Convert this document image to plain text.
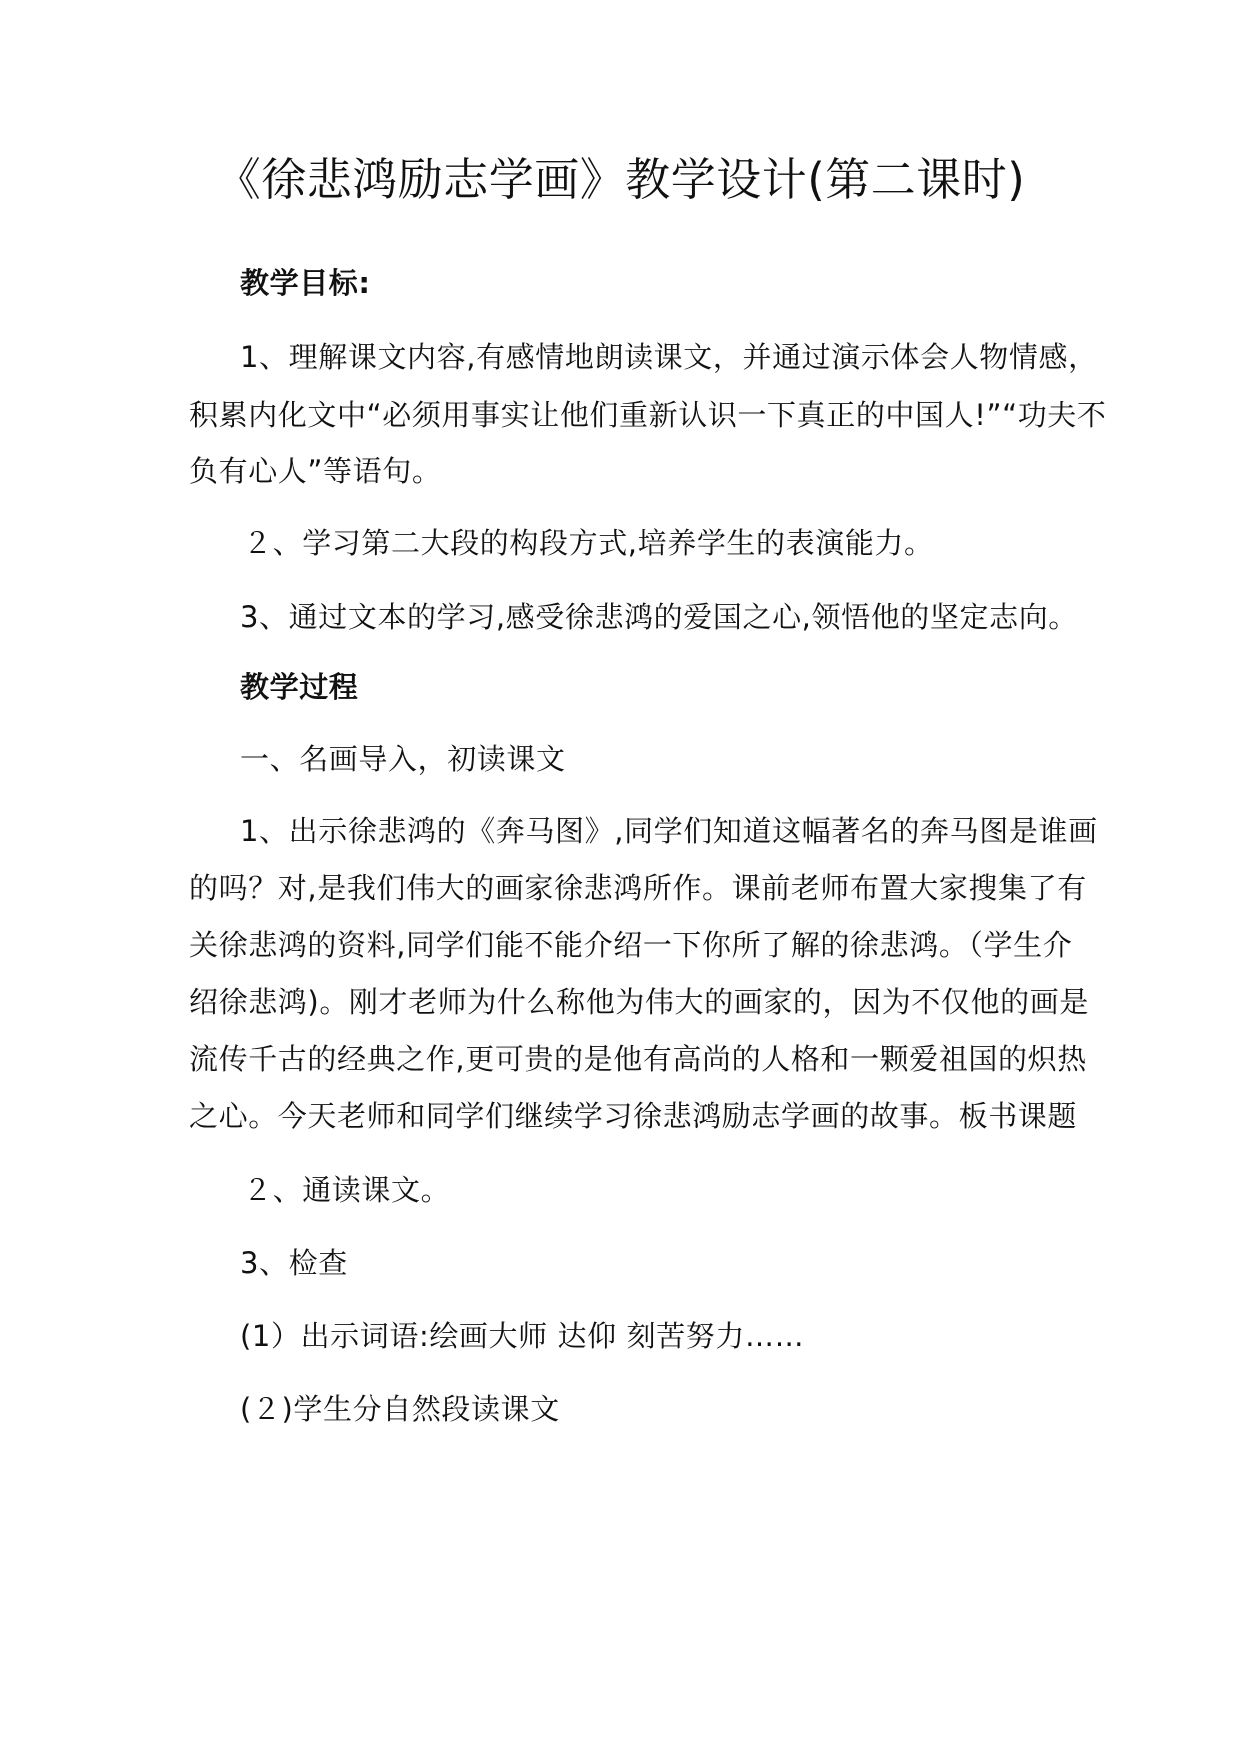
《徐悲鸿励志学画》教学设计(第二课时)
教学目标:
1、理解课文内容,有感情地朗读课文，并通过演示体会人物情感，
积累内化文中“必须用事实让他们重新认识一下真正的中国人!”“功夫不
负有心人”等语句。
２、学习第二大段的构段方式,培养学生的表演能力。
3、通过文本的学习,感受徐悲鸿的爱国之心,领悟他的坚定志向。
教学过程
一、名画导入，初读课文
1、出示徐悲鸿的《奔马图》,同学们知道这幅著名的奔马图是谁画
的吗？对,是我们伟大的画家徐悲鸿所作。课前老师布置大家搜集了有
关徐悲鸿的资料,同学们能不能介绍一下你所了解的徐悲鸿。（学生介
绍徐悲鸿)。刚才老师为什么称他为伟大的画家的，因为不仅他的画是
流传千古的经典之作,更可贵的是他有高尚的人格和一颗爱祖国的炽热
之心。今天老师和同学们继续学习徐悲鸿励志学画的故事。板书课题
２、通读课文。
3、检查
(1）出示词语:绘画大师 达仰 刻苦努力……
(２)学生分自然段读课文
